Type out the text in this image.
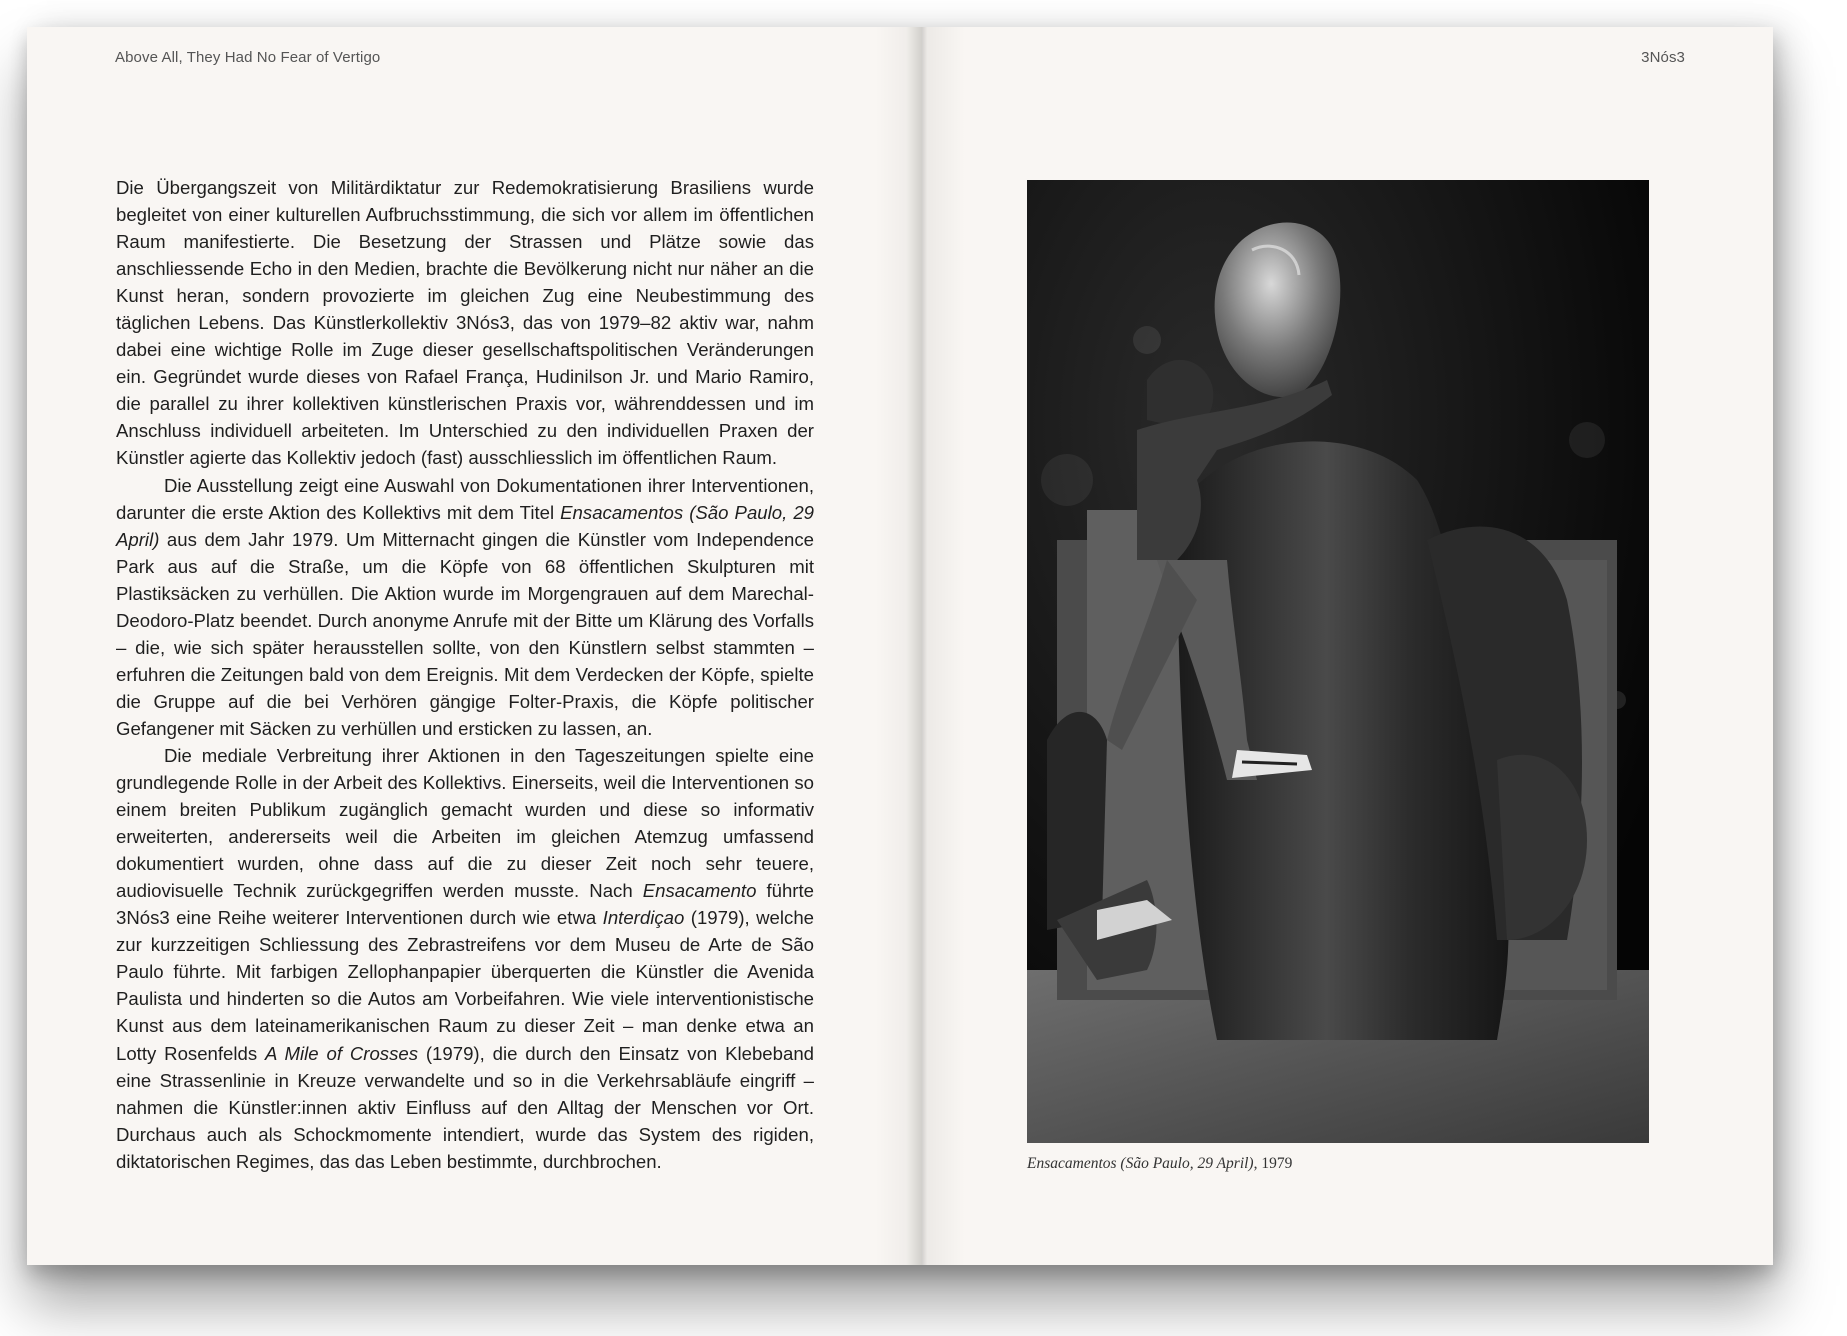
Above All, They Had No Fear of Vertigo

Die Übergangszeit von Militärdiktatur zur Redemokratisierung Brasiliens wurde begleitet von einer kulturellen Aufbruchsstimmung, die sich vor allem im öffentlichen Raum manifestierte. Die Besetzung der Strassen und Plätze sowie das anschliessende Echo in den Medien, brachte die Bevölkerung nicht nur näher an die Kunst heran, sondern provozierte im gleichen Zug eine Neubestimmung des täglichen Lebens. Das Künstlerkollektiv 3Nós3, das von 1979–82 aktiv war, nahm dabei eine wichtige Rolle im Zuge dieser gesellschaftspolitischen Veränderungen ein. Gegründet wurde dieses von Rafael França, Hudinilson Jr. und Mario Ramiro, die parallel zu ihrer kollektiven künstlerischen Praxis vor, währenddessen und im Anschluss individuell arbeiteten. Im Unterschied zu den individuellen Praxen der Künstler agierte das Kollektiv jedoch (fast) ausschliesslich im öffentlichen Raum.

Die Ausstellung zeigt eine Auswahl von Dokumentationen ihrer Interventionen, darunter die erste Aktion des Kollektivs mit dem Titel Ensacamentos (São Paulo, 29 April) aus dem Jahr 1979. Um Mitternacht gingen die Künstler vom Independence Park aus auf die Straße, um die Köpfe von 68 öffentlichen Skulpturen mit Plastiksäcken zu verhüllen. Die Aktion wurde im Morgengrauen auf dem Marechal-Deodoro-Platz beendet. Durch anonyme Anrufe mit der Bitte um Klärung des Vorfalls – die, wie sich später herausstellen sollte, von den Künstlern selbst stammten – erfuhren die Zeitungen bald von dem Ereignis. Mit dem Verdecken der Köpfe, spielte die Gruppe auf die bei Verhören gängige Folter-Praxis, die Köpfe politischer Gefangener mit Säcken zu verhüllen und ersticken zu lassen, an.

Die mediale Verbreitung ihrer Aktionen in den Tageszeitungen spielte eine grundlegende Rolle in der Arbeit des Kollektivs. Einerseits, weil die Interventionen so einem breiten Publikum zugänglich gemacht wurden und diese so informativ erweiterten, andererseits weil die Arbeiten im gleichen Atemzug umfassend dokumentiert wurden, ohne dass auf die zu dieser Zeit noch sehr teuere, audiovisuelle Technik zurückgegriffen werden musste. Nach Ensacamento führte 3Nós3 eine Reihe weiterer Interventionen durch wie etwa Interdiçao (1979), welche zur kurzzeitigen Schliessung des Zebrastreifens vor dem Museu de Arte de São Paulo führte. Mit farbigen Zellophanpapier überquerten die Künstler die Avenida Paulista und hinderten so die Autos am Vorbeifahren. Wie viele interventionistische Kunst aus dem lateinamerikanischen Raum zu dieser Zeit – man denke etwa an Lotty Rosenfelds A Mile of Crosses (1979), die durch den Einsatz von Klebeband eine Strassenlinie in Kreuze verwandelte und so in die Verkehrsabläufe eingriff – nahmen die Künstler:innen aktiv Einfluss auf den Alltag der Menschen vor Ort. Durchaus auch als Schockmomente intendiert, wurde das System des rigiden, diktatorischen Regimes, das das Leben bestimmte, durchbrochen.

3Nós3
Ensacamentos (São Paulo, 29 April), 1979
